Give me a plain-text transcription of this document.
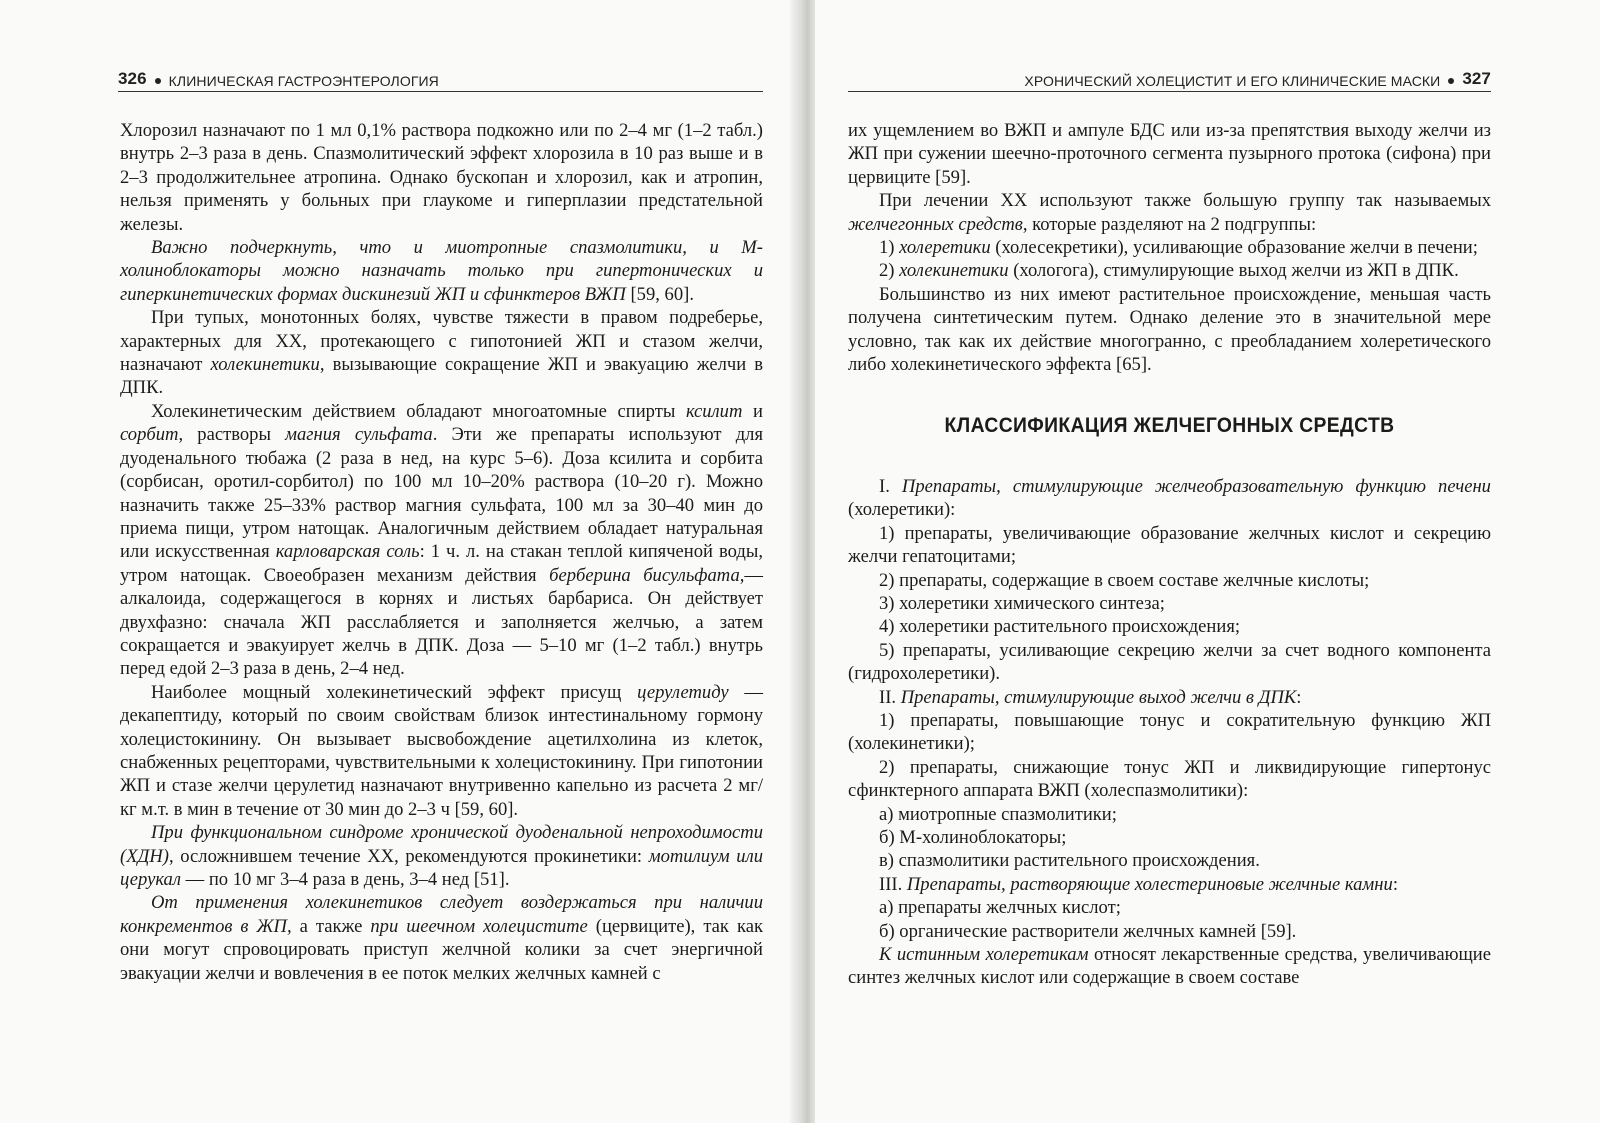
326 КЛИНИЧЕСКАЯ ГАСТРОЭНТЕРОЛОГИЯ

Хлорозил назначают по 1 мл 0,1% раствора подкожно или по 2–4 мг (1–2 табл.) внутрь 2–3 раза в день. Спазмолитический эффект хлорозила в 10 раз выше и в 2–3 продолжительнее атропина. Однако бускопан и хлорозил, как и атропин, нельзя применять у больных при глаукоме и гиперплазии предстательной железы.

Важно подчеркнуть, что и миотропные спазмолитики, и М-холиноблокаторы можно назначать только при гипертонических и гиперкинетических формах дискинезий ЖП и сфинктеров ВЖП [59, 60].

При тупых, монотонных болях, чувстве тяжести в правом подреберье, характерных для ХХ, протекающего с гипотонией ЖП и стазом желчи, назначают холекинетики, вызывающие сокращение ЖП и эвакуацию желчи в ДПК.

Холекинетическим действием обладают многоатомные спирты ксилит и сорбит, растворы магния сульфата. Эти же препараты используют для дуоденального тюбажа (2 раза в нед, на курс 5–6). Доза ксилита и сорбита (сорбисан, оротил-сорбитол) по 100 мл 10–20% раствора (10–20 г). Можно назначить также 25–33% раствор магния сульфата, 100 мл за 30–40 мин до приема пищи, утром натощак. Аналогичным действием обладает натуральная или искусственная карловарская соль: 1 ч. л. на стакан теплой кипяченой воды, утром натощак. Своеобразен механизм действия берберина бисульфата,— алкалоида, содержащегося в корнях и листьях барбариса. Он действует двухфазно: сначала ЖП расслабляется и заполняется желчью, а затем сокращается и эвакуирует желчь в ДПК. Доза — 5–10 мг (1–2 табл.) внутрь перед едой 2–3 раза в день, 2–4 нед.

Наиболее мощный холекинетический эффект присущ церулетиду — декапептиду, который по своим свойствам близок интестинальному гормону холецистокинину. Он вызывает высвобождение ацетилхолина из клеток, снабженных рецепторами, чувствительными к холецистокинину. При гипотонии ЖП и стазе желчи церулетид назначают внутривенно капельно из расчета 2 мг/кг м.т. в мин в течение от 30 мин до 2–3 ч [59, 60].

При функциональном синдроме хронической дуоденальной непроходимости (ХДН), осложнившем течение ХХ, рекомендуются прокинетики: мотилиум или церукал — по 10 мг 3–4 раза в день, 3–4 нед [51].

От применения холекинетиков следует воздержаться при наличии конкрементов в ЖП, а также при шеечном холецистите (цервиците), так как они могут спровоцировать приступ желчной колики за счет энергичной эвакуации желчи и вовлечения в ее поток мелких желчных камней с

ХРОНИЧЕСКИЙ ХОЛЕЦИСТИТ И ЕГО КЛИНИЧЕСКИЕ МАСКИ 327

их ущемлением во ВЖП и ампуле БДС или из-за препятствия выходу желчи из ЖП при сужении шеечно-проточного сегмента пузырного протока (сифона) при цервиците [59].

При лечении ХХ используют также большую группу так называемых желчегонных средств, которые разделяют на 2 подгруппы:

1) холеретики (холесекретики), усиливающие образование желчи в печени;

2) холекинетики (хологога), стимулирующие выход желчи из ЖП в ДПК.

Большинство из них имеют растительное происхождение, меньшая часть получена синтетическим путем. Однако деление это в значительной мере условно, так как их действие многогранно, с преобладанием холеретического либо холекинетического эффекта [65].

КЛАССИФИКАЦИЯ ЖЕЛЧЕГОННЫХ СРЕДСТВ

I. Препараты, стимулирующие желчеобразовательную функцию печени (холеретики):

1) препараты, увеличивающие образование желчных кислот и секрецию желчи гепатоцитами;

2) препараты, содержащие в своем составе желчные кислоты;

3) холеретики химического синтеза;

4) холеретики растительного происхождения;

5) препараты, усиливающие секрецию желчи за счет водного компонента (гидрохолеретики).

II. Препараты, стимулирующие выход желчи в ДПК:

1) препараты, повышающие тонус и сократительную функцию ЖП (холекинетики);

2) препараты, снижающие тонус ЖП и ликвидирующие гипертонус сфинктерного аппарата ВЖП (холеспазмолитики):

а) миотропные спазмолитики;

б) М-холиноблокаторы;

в) спазмолитики растительного происхождения.

III. Препараты, растворяющие холестериновые желчные камни:

а) препараты желчных кислот;

б) органические растворители желчных камней [59].

К истинным холеретикам относят лекарственные средства, увеличивающие синтез желчных кислот или содержащие в своем составе
